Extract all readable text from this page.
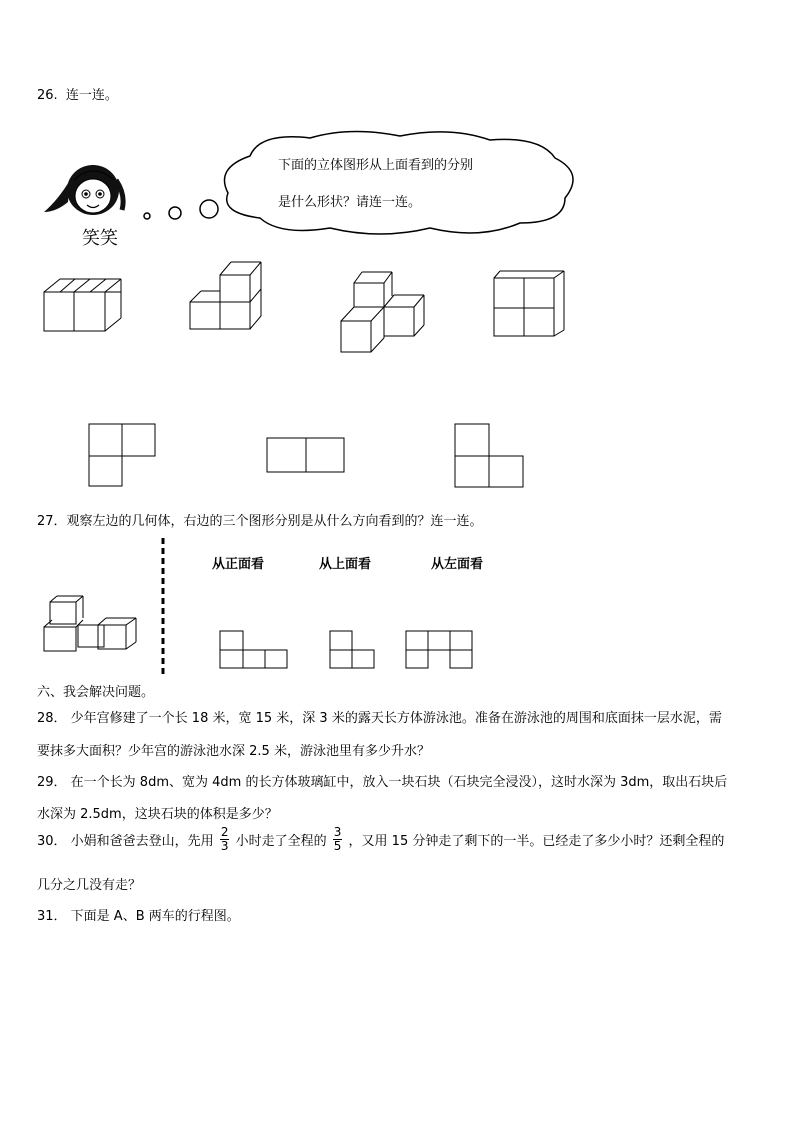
26. 连一连。
笑笑
下面的立体图形从上面看到的分别
是什么形状？请连一连。
27．观察左边的几何体，右边的三个图形分别是从什么方向看到的？连一连。
从正面看	从上面看	从左面看
六、我会解决问题。
28． 少年宫修建了一个长 18 米，宽 15 米，深 3 米的露天长方体游泳池。准备在游泳池的周围和底面抹一层水泥，需
要抹多大面积？少年宫的游泳池水深 2.5 米，游泳池里有多少升水？
29． 在一个长为 8dm、宽为 4dm 的长方体玻璃缸中，放入一块石块（石块完全浸没），这时水深为 3dm，取出石块后
水深为 2.5dm，这块石块的体积是多少？
30． 小娟和爸爸去登山，先用 $\frac{2}{3}$ 小时走了全程的 $\frac{3}{5}$ ，又用 15 分钟走了剩下的一半。已经走了多少小时？还剩全程的
几分之几没有走？
31． 下面是 A、B 两车的行程图。
